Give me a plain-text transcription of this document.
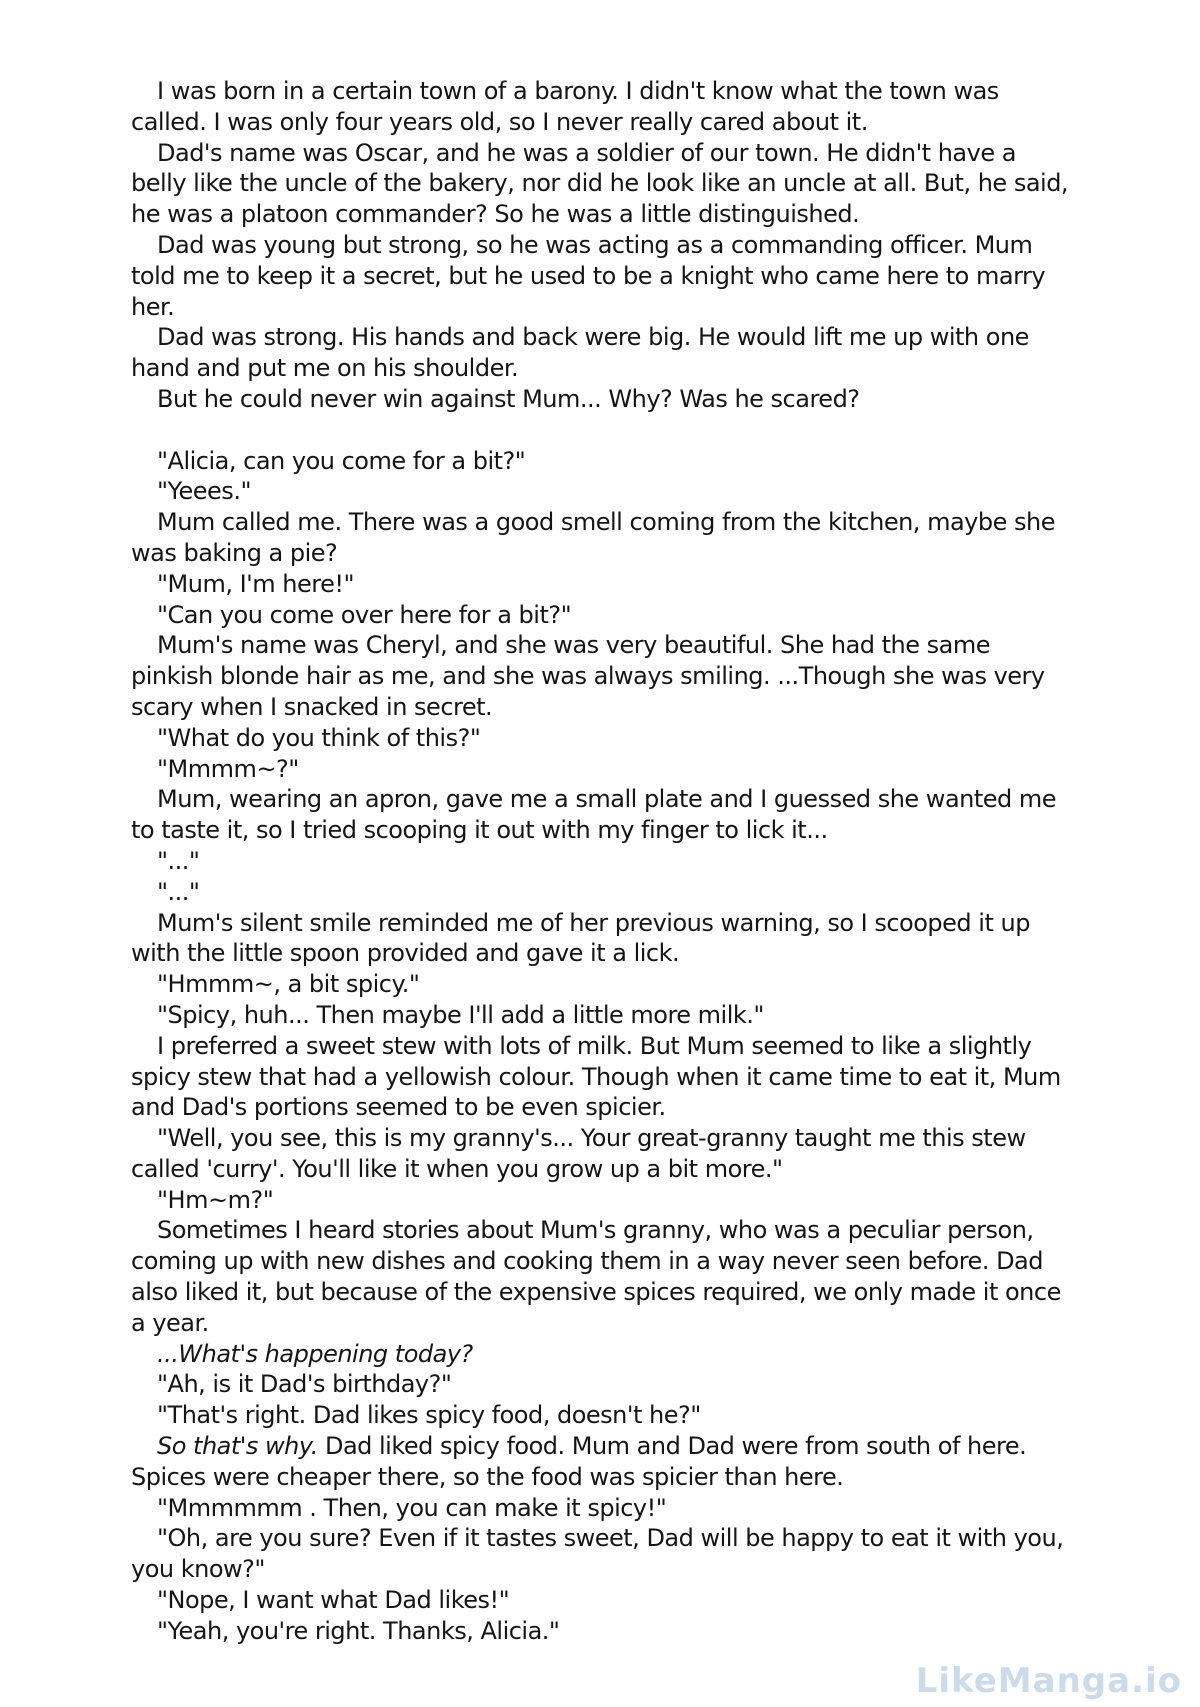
I was born in a certain town of a barony. I didn't know what the town was called. I was only four years old, so I never really cared about it.

Dad's name was Oscar, and he was a soldier of our town. He didn't have a belly like the uncle of the bakery, nor did he look like an uncle at all. But, he said, he was a platoon commander? So he was a little distinguished.

Dad was young but strong, so he was acting as a commanding officer. Mum told me to keep it a secret, but he used to be a knight who came here to marry her.

Dad was strong. His hands and back were big. He would lift me up with one hand and put me on his shoulder.

But he could never win against Mum... Why? Was he scared?

"Alicia, can you come for a bit?"

"Yeees."

Mum called me. There was a good smell coming from the kitchen, maybe she was baking a pie?

"Mum, I'm here!"

"Can you come over here for a bit?"

Mum's name was Cheryl, and she was very beautiful. She had the same pinkish blonde hair as me, and she was always smiling. ...Though she was very scary when I snacked in secret.

"What do you think of this?"

"Mmmm~?"

Mum, wearing an apron, gave me a small plate and I guessed she wanted me to taste it, so I tried scooping it out with my finger to lick it...

"..."

"..."

Mum's silent smile reminded me of her previous warning, so I scooped it up with the little spoon provided and gave it a lick.

"Hmmm~, a bit spicy."

"Spicy, huh... Then maybe I'll add a little more milk."

I preferred a sweet stew with lots of milk. But Mum seemed to like a slightly spicy stew that had a yellowish colour. Though when it came time to eat it, Mum and Dad's portions seemed to be even spicier.

"Well, you see, this is my granny's... Your great-granny taught me this stew called 'curry'. You'll like it when you grow up a bit more."

"Hm~m?"

Sometimes I heard stories about Mum's granny, who was a peculiar person, coming up with new dishes and cooking them in a way never seen before. Dad also liked it, but because of the expensive spices required, we only made it once a year.

...What's happening today?

"Ah, is it Dad's birthday?"

"That's right. Dad likes spicy food, doesn't he?"

So that's why. Dad liked spicy food. Mum and Dad were from south of here. Spices were cheaper there, so the food was spicier than here.

"Mmmmmm . Then, you can make it spicy!"

"Oh, are you sure? Even if it tastes sweet, Dad will be happy to eat it with you, you know?"

"Nope, I want what Dad likes!"

"Yeah, you're right. Thanks, Alicia."

LikeManga.io
